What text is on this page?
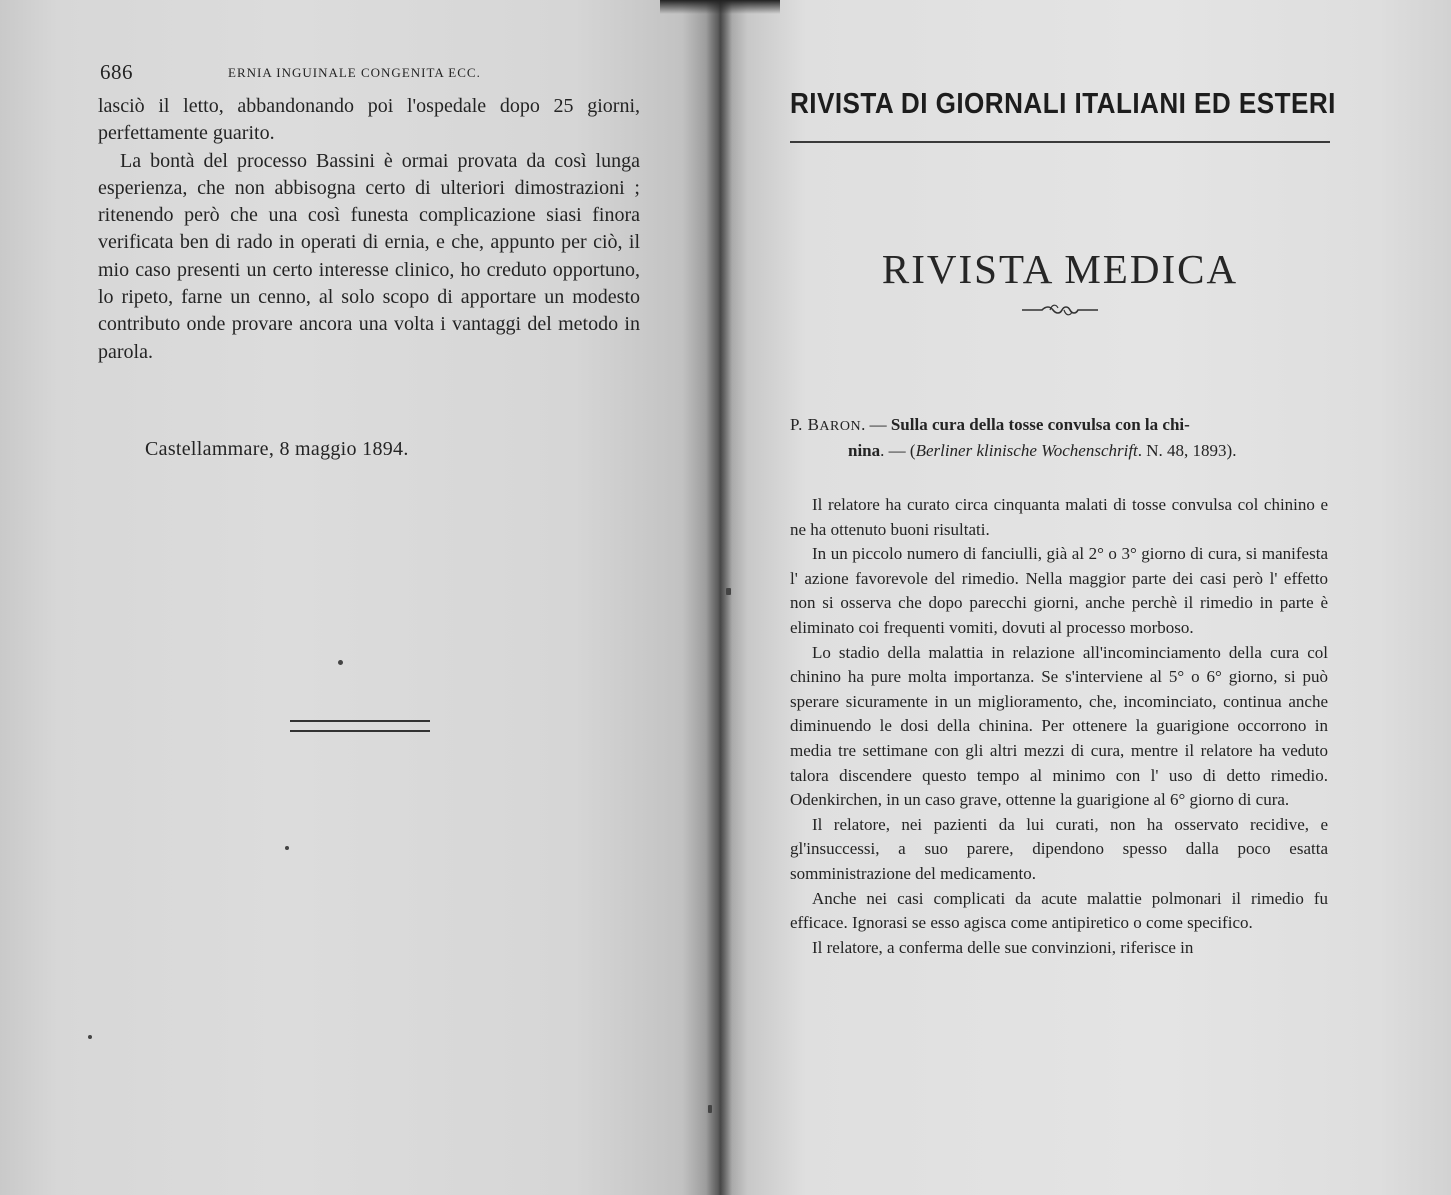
686	ERNIA INGUINALE CONGENITA ECC.

lasciò il letto, abbandonando poi l'ospedale dopo 25 giorni, perfettamente guarito.

La bontà del processo Bassini è ormai provata da così lunga esperienza, che non abbisogna certo di ulteriori dimostrazioni ; ritenendo però che una così funesta complicazione siasi finora verificata ben di rado in operati di ernia, e che, appunto per ciò, il mio caso presenti un certo interesse clinico, ho creduto opportuno, lo ripeto, farne un cenno, al solo scopo di apportare un modesto contributo onde provare ancora una volta i vantaggi del metodo in parola.

Castellammare, 8 maggio 1894.
RIVISTA DI GIORNALI ITALIANI ED ESTERI
RIVISTA MEDICA
P. BARON. — Sulla cura della tosse convulsa con la chi-
nina. — (Berliner klinische Wochenschrift. N. 48, 1893).

Il relatore ha curato circa cinquanta malati di tosse convulsa col chinino e ne ha ottenuto buoni risultati.

In un piccolo numero di fanciulli, già al 2° o 3° giorno di cura, si manifesta l' azione favorevole del rimedio. Nella maggior parte dei casi però l' effetto non si osserva che dopo parecchi giorni, anche perchè il rimedio in parte è eliminato coi frequenti vomiti, dovuti al processo morboso.

Lo stadio della malattia in relazione all'incominciamento della cura col chinino ha pure molta importanza. Se s'interviene al 5° o 6° giorno, si può sperare sicuramente in un miglioramento, che, incominciato, continua anche diminuendo le dosi della chinina. Per ottenere la guarigione occorrono in media tre settimane con gli altri mezzi di cura, mentre il relatore ha veduto talora discendere questo tempo al minimo con l' uso di detto rimedio. Odenkirchen, in un caso grave, ottenne la guarigione al 6° giorno di cura.

Il relatore, nei pazienti da lui curati, non ha osservato recidive, e gl'insuccessi, a suo parere, dipendono spesso dalla poco esatta somministrazione del medicamento.

Anche nei casi complicati da acute malattie polmonari il rimedio fu efficace. Ignorasi se esso agisca come antipiretico o come specifico.

Il relatore, a conferma delle sue convinzioni, riferisce in
